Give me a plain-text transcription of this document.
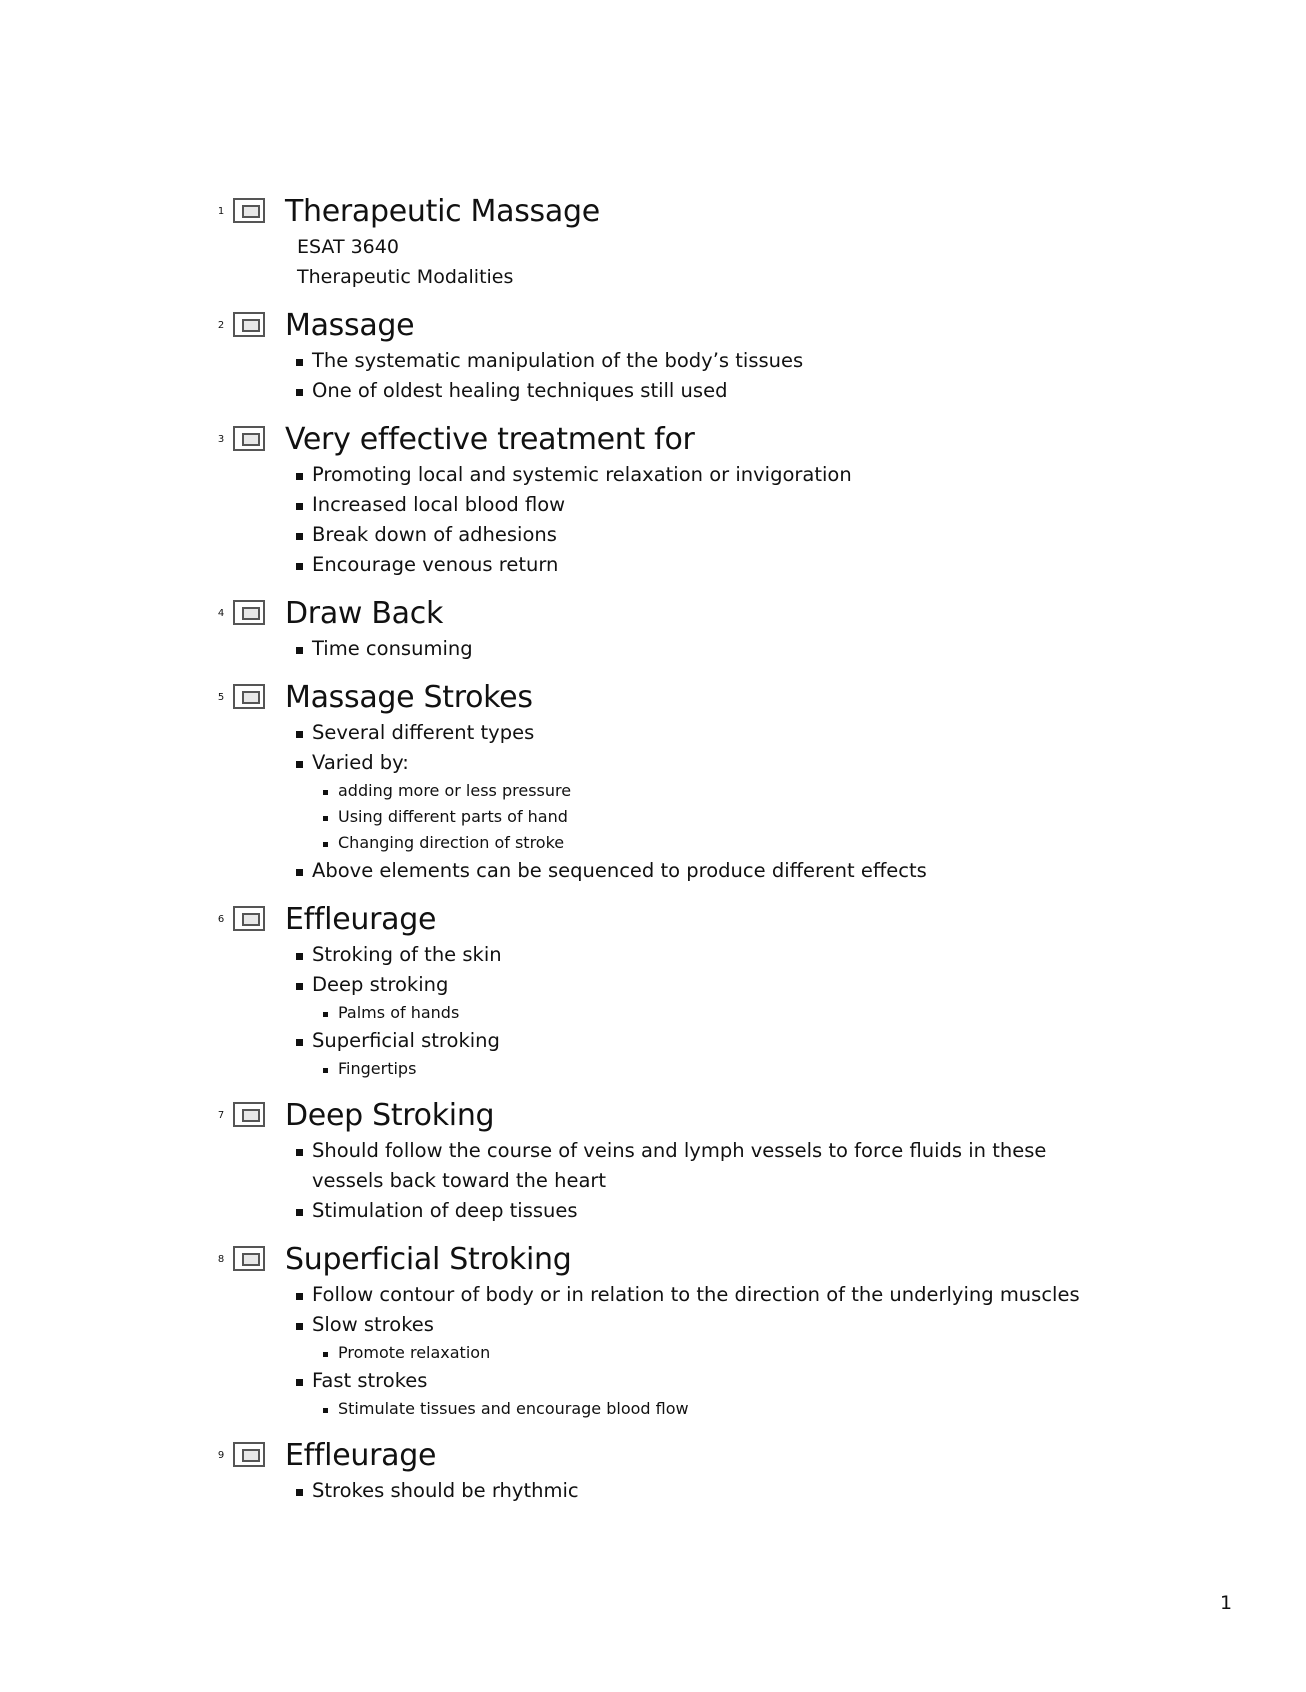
1 Therapeutic Massage
ESAT 3640
Therapeutic Modalities
2 Massage
The systematic manipulation of the body’s tissues
One of oldest healing techniques still used
3 Very effective treatment for
Promoting local and systemic relaxation or invigoration
Increased local blood flow
Break down of adhesions
Encourage venous return
4 Draw Back
Time consuming
5 Massage Strokes
Several different types
Varied by:
adding more or less pressure
Using different parts of hand
Changing direction of stroke
Above elements can be sequenced to produce different effects
6 Effleurage
Stroking of the skin
Deep stroking
Palms of hands
Superficial stroking
Fingertips
7 Deep Stroking
Should follow the course of veins and lymph vessels to force fluids in these vessels back toward the heart
Stimulation of deep tissues
8 Superficial Stroking
Follow contour of body or in relation to the direction of the underlying muscles
Slow strokes
Promote relaxation
Fast strokes
Stimulate tissues and encourage blood flow
9 Effleurage
Strokes should be rhythmic
1
